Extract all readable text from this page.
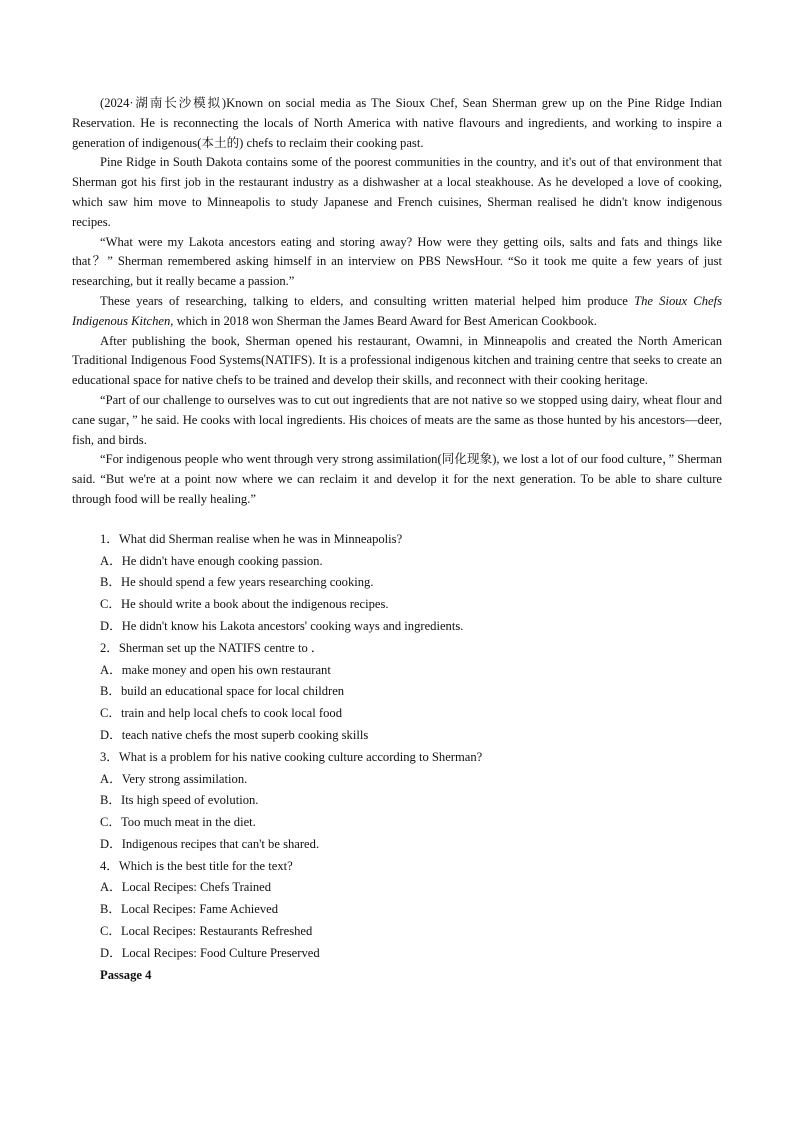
(2024·湖南长沙模拟)Known on social media as The Sioux Chef, Sean Sherman grew up on the Pine Ridge Indian Reservation. He is reconnecting the locals of North America with native flavours and ingredients, and working to inspire a generation of indigenous(本土的) chefs to reclaim their cooking past.

Pine Ridge in South Dakota contains some of the poorest communities in the country, and it's out of that environment that Sherman got his first job in the restaurant industry as a dishwasher at a local steakhouse. As he developed a love of cooking, which saw him move to Minneapolis to study Japanese and French cuisines, Sherman realised he didn't know indigenous recipes.

“What were my Lakota ancestors eating and storing away? How were they getting oils, salts and fats and things like that？” Sherman remembered asking himself in an interview on PBS NewsHour. “So it took me quite a few years of just researching, but it really became a passion.”

These years of researching, talking to elders, and consulting written material helped him produce The Sioux Chefs Indigenous Kitchen, which in 2018 won Sherman the James Beard Award for Best American Cookbook.

After publishing the book, Sherman opened his restaurant, Owamni, in Minneapolis and created the North American Traditional Indigenous Food Systems(NATIFS). It is a professional indigenous kitchen and training centre that seeks to create an educational space for native chefs to be trained and develop their skills, and reconnect with their cooking heritage.

“Part of our challenge to ourselves was to cut out ingredients that are not native so we stopped using dairy, wheat flour and cane sugar，” he said. He cooks with local ingredients. His choices of meats are the same as those hunted by his ancestors—deer, fish, and birds.

“For indigenous people who went through very strong assimilation(同化现象), we lost a lot of our food culture，” Sherman said. “But we're at a point now where we can reclaim it and develop it for the next generation. To be able to share culture through food will be really healing.”

1．What did Sherman realise when he was in Minneapolis?

A．He didn't have enough cooking passion.

B．He should spend a few years researching cooking.

C．He should write a book about the indigenous recipes.

D．He didn't know his Lakota ancestors' cooking ways and ingredients.

2．Sherman set up the NATIFS centre to ．

A．make money and open his own restaurant

B．build an educational space for local children

C．train and help local chefs to cook local food

D．teach native chefs the most superb cooking skills

3．What is a problem for his native cooking culture according to Sherman?

A．Very strong assimilation.

B．Its high speed of evolution.

C．Too much meat in the diet.

D．Indigenous recipes that can't be shared.

4．Which is the best title for the text?

A．Local Recipes: Chefs Trained

B．Local Recipes: Fame Achieved

C．Local Recipes: Restaurants Refreshed

D．Local Recipes: Food Culture Preserved

Passage 4
